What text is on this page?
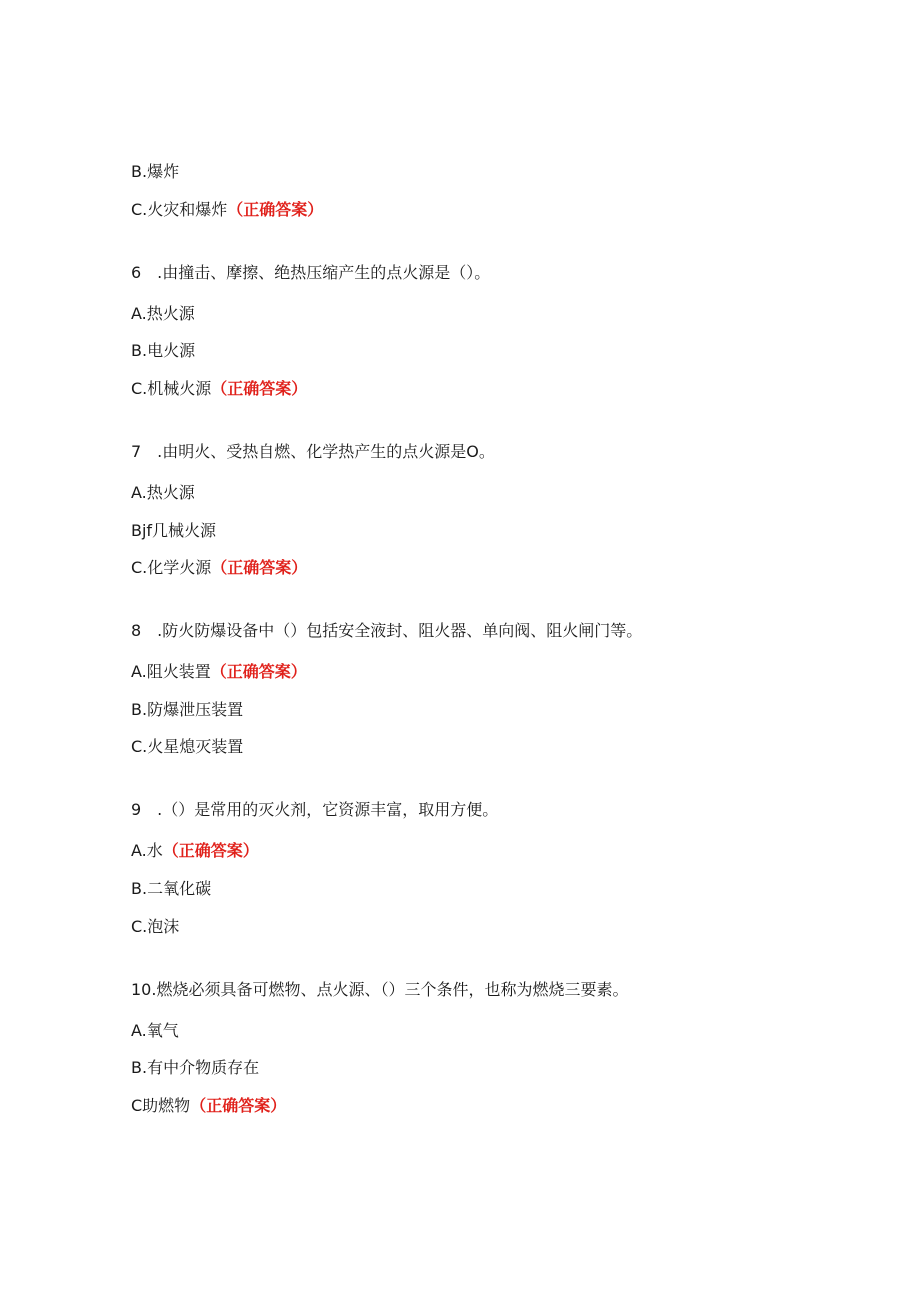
B.爆炸
C.火灾和爆炸（正确答案）
6　.由撞击、摩擦、绝热压缩产生的点火源是（）。
A.热火源
B.电火源
C.机械火源（正确答案）
7　.由明火、受热自燃、化学热产生的点火源是O。
A.热火源
Bjf几械火源
C.化学火源（正确答案）
8　.防火防爆设备中（）包括安全液封、阻火器、单向阀、阻火闸门等。
A.阻火装置（正确答案）
B.防爆泄压装置
C.火星熄灭装置
9　.（）是常用的灭火剂，它资源丰富，取用方便。
A.水（正确答案）
B.二氧化碳
C.泡沫
10.燃烧必须具备可燃物、点火源、（）三个条件，也称为燃烧三要素。
A.氧气
B.有中介物质存在
C助燃物（正确答案）
